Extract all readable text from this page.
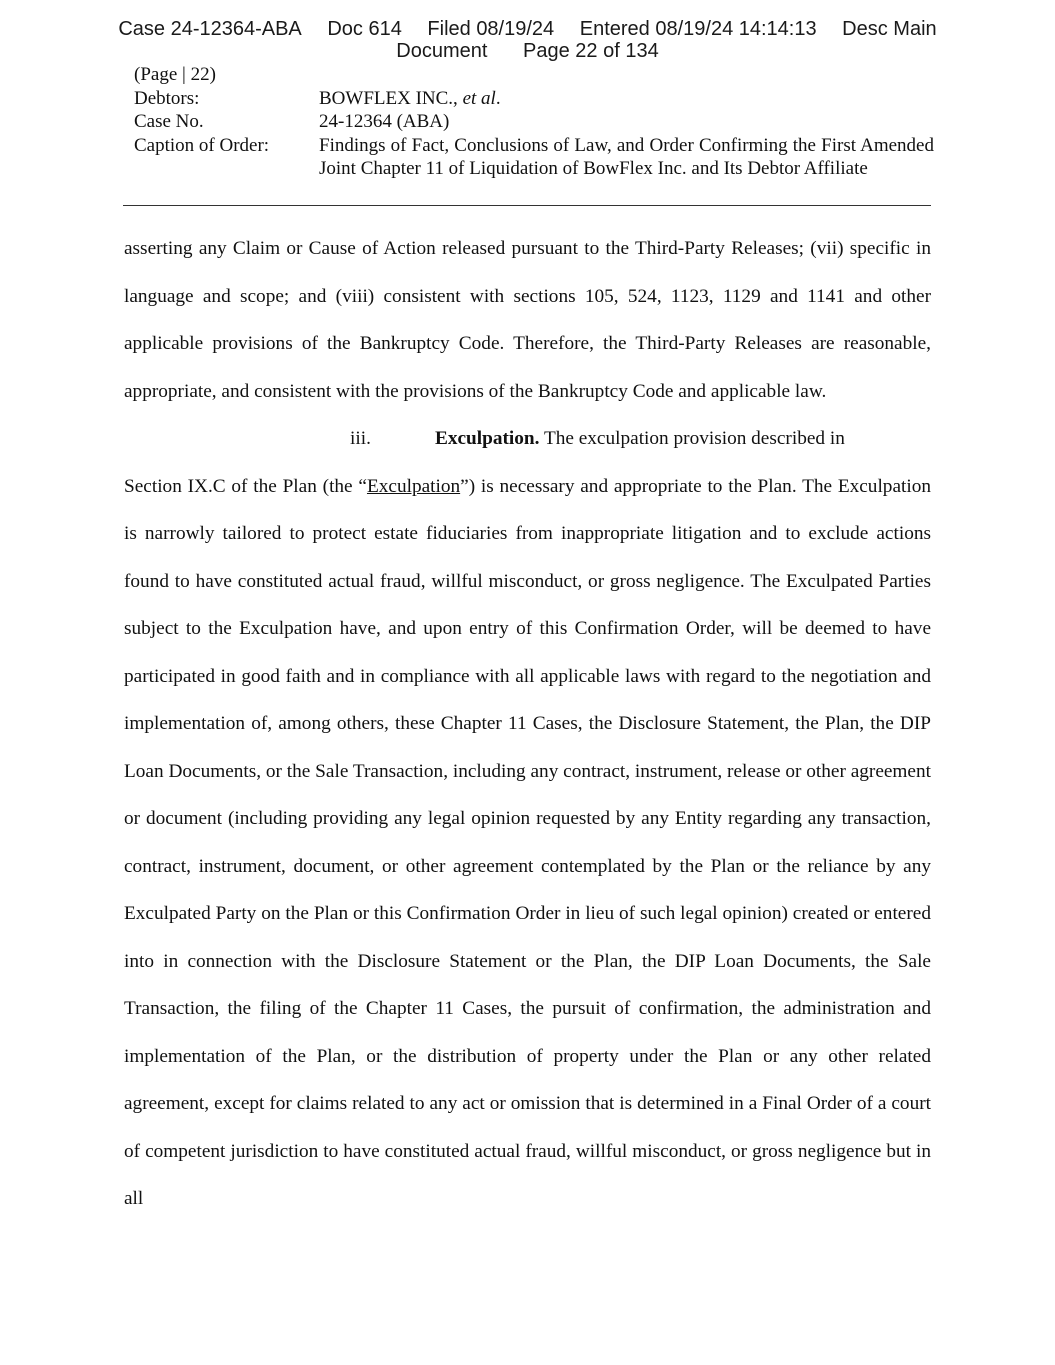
Case 24-12364-ABA Doc 614 Filed 08/19/24 Entered 08/19/24 14:14:13 Desc Main
Document Page 22 of 134
(Page | 22)
Debtors:	BOWFLEX INC., et al.
Case No.	24-12364 (ABA)
Caption of Order:	Findings of Fact, Conclusions of Law, and Order Confirming the First Amended Joint Chapter 11 of Liquidation of BowFlex Inc. and Its Debtor Affiliate

asserting any Claim or Cause of Action released pursuant to the Third-Party Releases; (vii) specific in language and scope; and (viii) consistent with sections 105, 524, 1123, 1129 and 1141 and other applicable provisions of the Bankruptcy Code. Therefore, the Third-Party Releases are reasonable, appropriate, and consistent with the provisions of the Bankruptcy Code and applicable law.

iii.	Exculpation. The exculpation provision described in
Section IX.C of the Plan (the “Exculpation”) is necessary and appropriate to the Plan. The Exculpation is narrowly tailored to protect estate fiduciaries from inappropriate litigation and to exclude actions found to have constituted actual fraud, willful misconduct, or gross negligence. The Exculpated Parties subject to the Exculpation have, and upon entry of this Confirmation Order, will be deemed to have participated in good faith and in compliance with all applicable laws with regard to the negotiation and implementation of, among others, these Chapter 11 Cases, the Disclosure Statement, the Plan, the DIP Loan Documents, or the Sale Transaction, including any contract, instrument, release or other agreement or document (including providing any legal opinion requested by any Entity regarding any transaction, contract, instrument, document, or other agreement contemplated by the Plan or the reliance by any Exculpated Party on the Plan or this Confirmation Order in lieu of such legal opinion) created or entered into in connection with the Disclosure Statement or the Plan, the DIP Loan Documents, the Sale Transaction, the filing of the Chapter 11 Cases, the pursuit of confirmation, the administration and implementation of the Plan, or the distribution of property under the Plan or any other related agreement, except for claims related to any act or omission that is determined in a Final Order of a court of competent jurisdiction to have constituted actual fraud, willful misconduct, or gross negligence but in all
